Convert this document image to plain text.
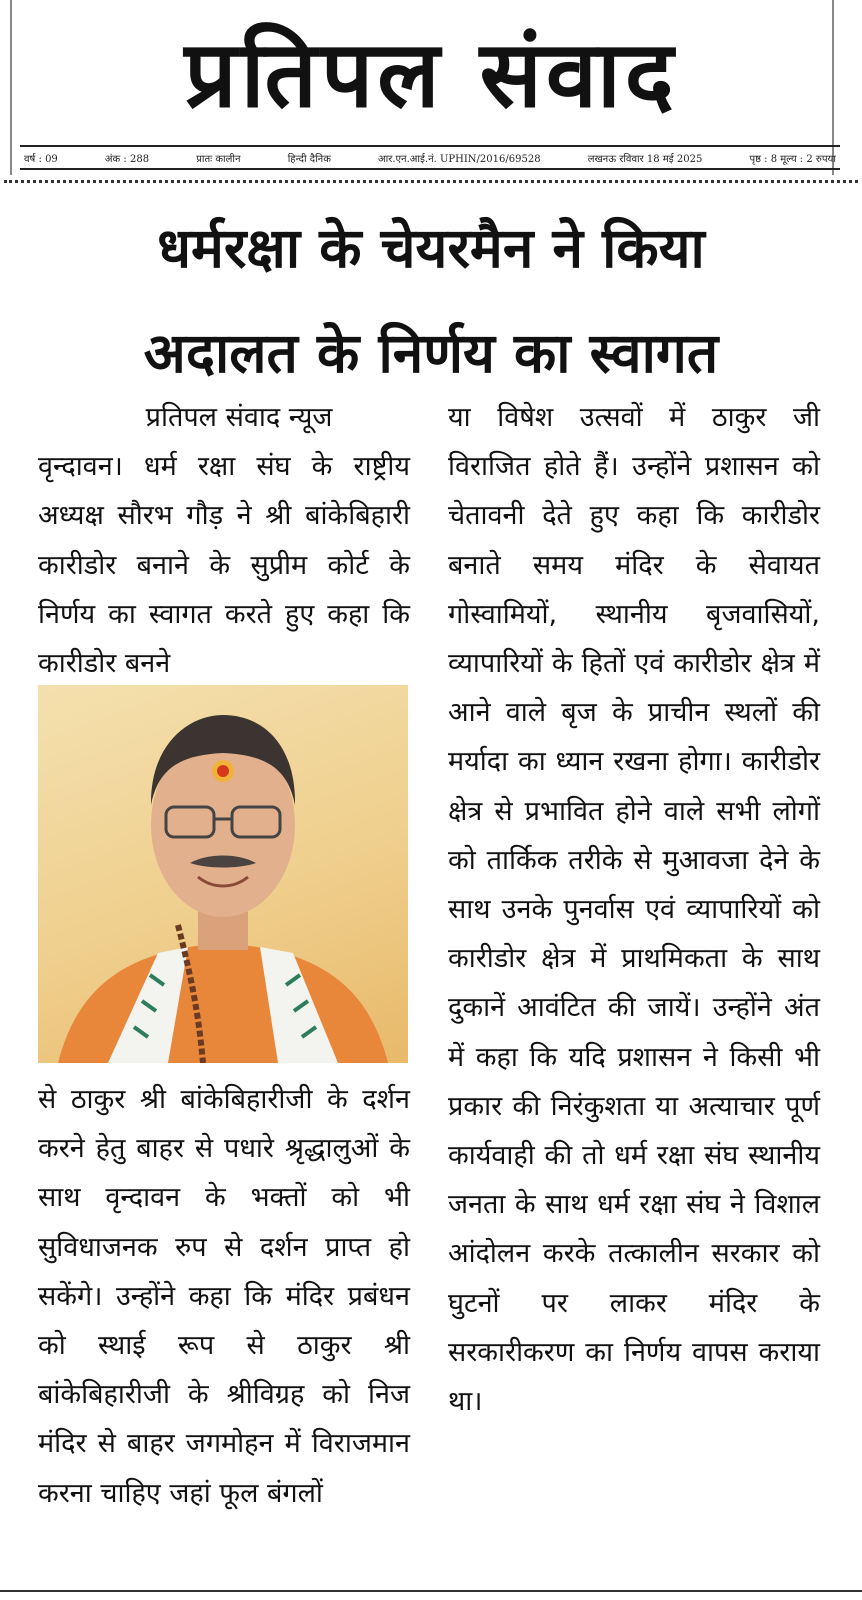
प्रतिपल संवाद
वर्ष : 09	अंक : 288	प्रातः कालीन	हिन्दी दैनिक	आर.एन.आई.नं. UPHIN/2016/69528	लखनऊ रविवार 18 मई 2025	पृष्ठ : 8 मूल्य : 2 रुपया
धर्मरक्षा के चेयरमैन ने किया
अदालत के निर्णय का स्वागत

प्रतिपल संवाद न्यूज

वृन्दावन। धर्म रक्षा संघ के राष्ट्रीय अध्यक्ष सौरभ गौड़ ने श्री बांकेबिहारी कारीडोर बनाने के सुप्रीम कोर्ट के निर्णय का स्वागत करते हुए कहा कि कारीडोर बनने

से ठाकुर श्री बांकेबिहारीजी के दर्शन करने हेतु बाहर से पधारे श्रृद्धालुओं के साथ वृन्दावन के भक्तों को भी सुविधाजनक रुप से दर्शन प्राप्त हो सकेंगे। उन्होंने कहा कि मंदिर प्रबंधन को स्थाई रूप से ठाकुर श्री बांकेबिहारीजी के श्रीविग्रह को निज मंदिर से बाहर जगमोहन में विराजमान करना चाहिए जहां फूल बंगलों

या विषेश उत्सवों में ठाकुर जी विराजित होते हैं। उन्होंने प्रशासन को चेतावनी देते हुए कहा कि कारीडोर बनाते समय मंदिर के सेवायत गोस्वामियों, स्थानीय बृजवासियों, व्यापारियों के हितों एवं कारीडोर क्षेत्र में आने वाले बृज के प्राचीन स्थलों की मर्यादा का ध्यान रखना होगा। कारीडोर क्षेत्र से प्रभावित होने वाले सभी लोगों को तार्किक तरीके से मुआवजा देने के साथ उनके पुनर्वास एवं व्यापारियों को कारीडोर क्षेत्र में प्राथमिकता के साथ दुकानें आवंटित की जायें। उन्होंने अंत में कहा कि यदि प्रशासन ने किसी भी प्रकार की निरंकुशता या अत्याचार पूर्ण कार्यवाही की तो धर्म रक्षा संघ स्थानीय जनता के साथ धर्म रक्षा संघ ने विशाल आंदोलन करके तत्कालीन सरकार को घुटनों पर लाकर मंदिर के सरकारीकरण का निर्णय वापस कराया था।
